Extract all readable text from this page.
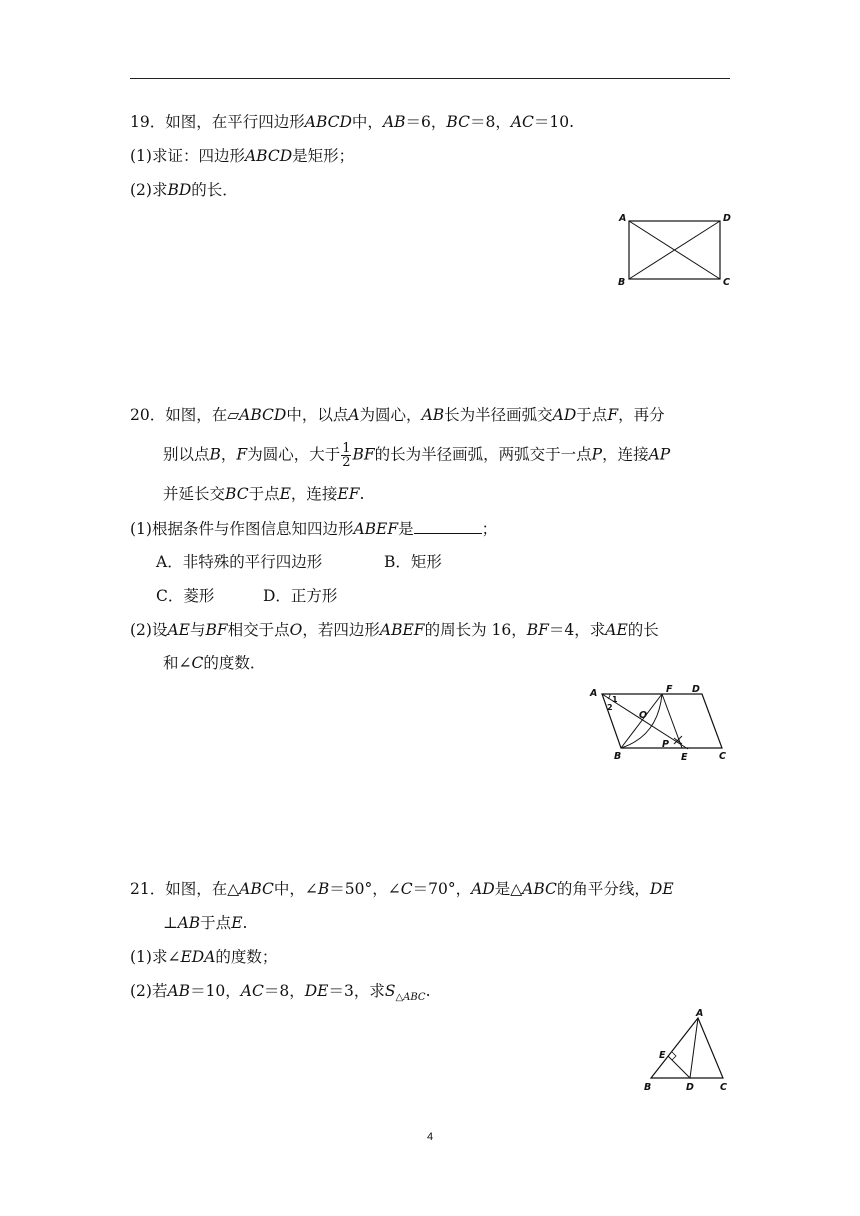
19．如图，在平行四边形ABCD中，AB＝6，BC＝8，AC＝10.
(1)求证：四边形ABCD是矩形；
(2)求BD的长．
A	D
B	C
20．如图，在▱ABCD中，以点A为圆心，AB长为半径画弧交AD于点F，再分
别以点B，F为圆心，大于 $\frac{1}{2}$ BF的长为半径画弧，两弧交于一点P，连接AP
并延长交BC于点E，连接EF.
(1)根据条件与作图信息知四边形ABEF是	；
A．非特殊的平行四边形	B．矩形
C．菱形	D．正方形
(2)设AE与BF相交于点O，若四边形ABEF的周长为 16，BF＝4，求AE的长
和∠C的度数．
A
1
2
F D
O
P
B	E	C
21．如图，在△ABC中，∠B＝50°，∠C＝70°，AD是△ABC的角平分线，DE
⊥AB于点E.
(1)求∠EDA的度数；
(2)若AB＝10，AC＝8，DE＝3，求$S_{\triangle ABC}$.
A
E
B	D	C
4
